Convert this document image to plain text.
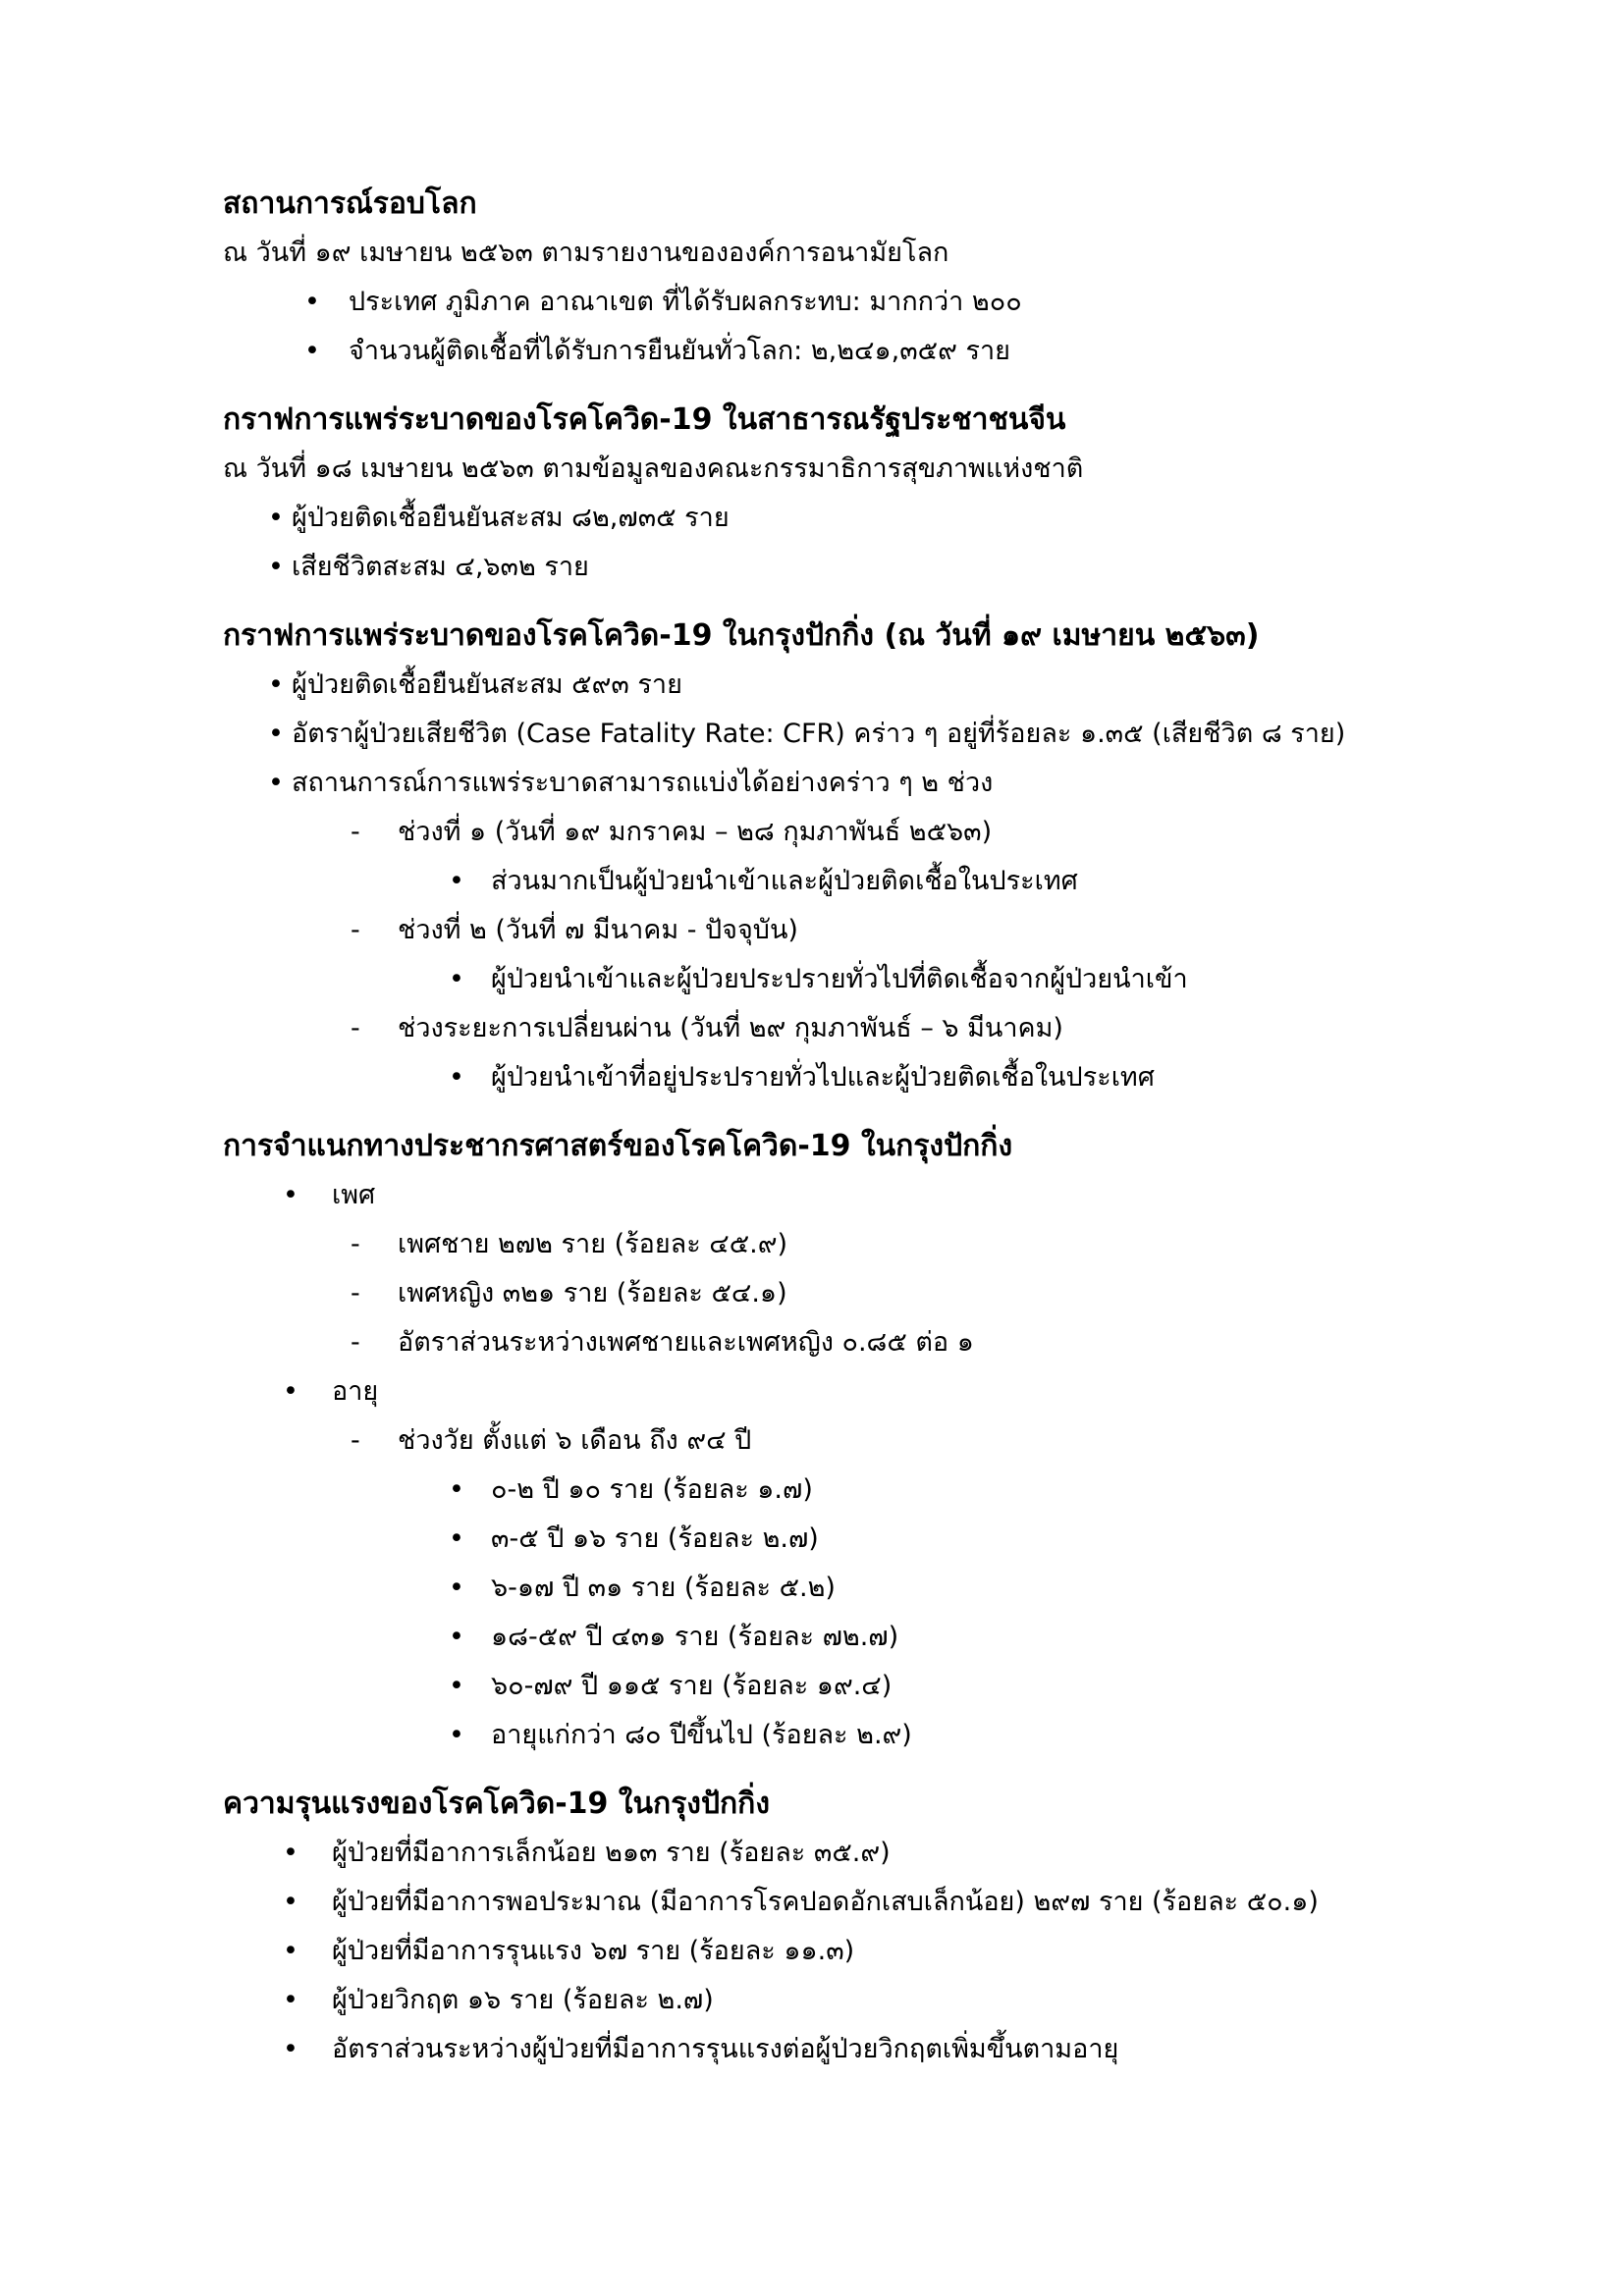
สถานการณ์รอบโลก

ณ วันที่ ๑๙ เมษายน ๒๕๖๓ ตามรายงานขององค์การอนามัยโลก

• ประเทศ ภูมิภาค อาณาเขต ที่ได้รับผลกระทบ: มากกว่า ๒๐๐
• จำนวนผู้ติดเชื้อที่ได้รับการยืนยันทั่วโลก: ๒,๒๔๑,๓๕๙ ราย
กราฟการแพร่ระบาดของโรคโควิด-19 ในสาธารณรัฐประชาชนจีน

ณ วันที่ ๑๘ เมษายน ๒๕๖๓ ตามข้อมูลของคณะกรรมาธิการสุขภาพแห่งชาติ

• ผู้ป่วยติดเชื้อยืนยันสะสม ๘๒,๗๓๕ ราย
• เสียชีวิตสะสม ๔,๖๓๒ ราย
กราฟการแพร่ระบาดของโรคโควิด-19 ในกรุงปักกิ่ง (ณ วันที่ ๑๙ เมษายน ๒๕๖๓)
• ผู้ป่วยติดเชื้อยืนยันสะสม ๕๙๓ ราย
• อัตราผู้ป่วยเสียชีวิต (Case Fatality Rate: CFR) คร่าว ๆ อยู่ที่ร้อยละ ๑.๓๕ (เสียชีวิต ๘ ราย)
• สถานการณ์การแพร่ระบาดสามารถแบ่งได้อย่างคร่าว ๆ ๒ ช่วง
- ช่วงที่ ๑ (วันที่ ๑๙ มกราคม – ๒๘ กุมภาพันธ์ ๒๕๖๓)
• ส่วนมากเป็นผู้ป่วยนำเข้าและผู้ป่วยติดเชื้อในประเทศ
- ช่วงที่ ๒ (วันที่ ๗ มีนาคม - ปัจจุบัน)
• ผู้ป่วยนำเข้าและผู้ป่วยประปรายทั่วไปที่ติดเชื้อจากผู้ป่วยนำเข้า
- ช่วงระยะการเปลี่ยนผ่าน (วันที่ ๒๙ กุมภาพันธ์ – ๖ มีนาคม)
• ผู้ป่วยนำเข้าที่อยู่ประปรายทั่วไปและผู้ป่วยติดเชื้อในประเทศ
การจำแนกทางประชากรศาสตร์ของโรคโควิด-19 ในกรุงปักกิ่ง
• เพศ
- เพศชาย ๒๗๒ ราย (ร้อยละ ๔๕.๙)
- เพศหญิง ๓๒๑ ราย (ร้อยละ ๕๔.๑)
- อัตราส่วนระหว่างเพศชายและเพศหญิง ๐.๘๕ ต่อ ๑
• อายุ
- ช่วงวัย ตั้งแต่ ๖ เดือน ถึง ๙๔ ปี
• ๐-๒ ปี ๑๐ ราย (ร้อยละ ๑.๗)
• ๓-๕ ปี ๑๖ ราย (ร้อยละ ๒.๗)
• ๖-๑๗ ปี ๓๑ ราย (ร้อยละ ๕.๒)
• ๑๘-๕๙ ปี ๔๓๑ ราย (ร้อยละ ๗๒.๗)
• ๖๐-๗๙ ปี ๑๑๕ ราย (ร้อยละ ๑๙.๔)
• อายุแก่กว่า ๘๐ ปีขึ้นไป (ร้อยละ ๒.๙)
ความรุนแรงของโรคโควิด-19 ในกรุงปักกิ่ง
• ผู้ป่วยที่มีอาการเล็กน้อย ๒๑๓ ราย (ร้อยละ ๓๕.๙)
• ผู้ป่วยที่มีอาการพอประมาณ (มีอาการโรคปอดอักเสบเล็กน้อย) ๒๙๗ ราย (ร้อยละ ๕๐.๑)
• ผู้ป่วยที่มีอาการรุนแรง ๖๗ ราย (ร้อยละ ๑๑.๓)
• ผู้ป่วยวิกฤต ๑๖ ราย (ร้อยละ ๒.๗)
• อัตราส่วนระหว่างผู้ป่วยที่มีอาการรุนแรงต่อผู้ป่วยวิกฤตเพิ่มขึ้นตามอายุ
